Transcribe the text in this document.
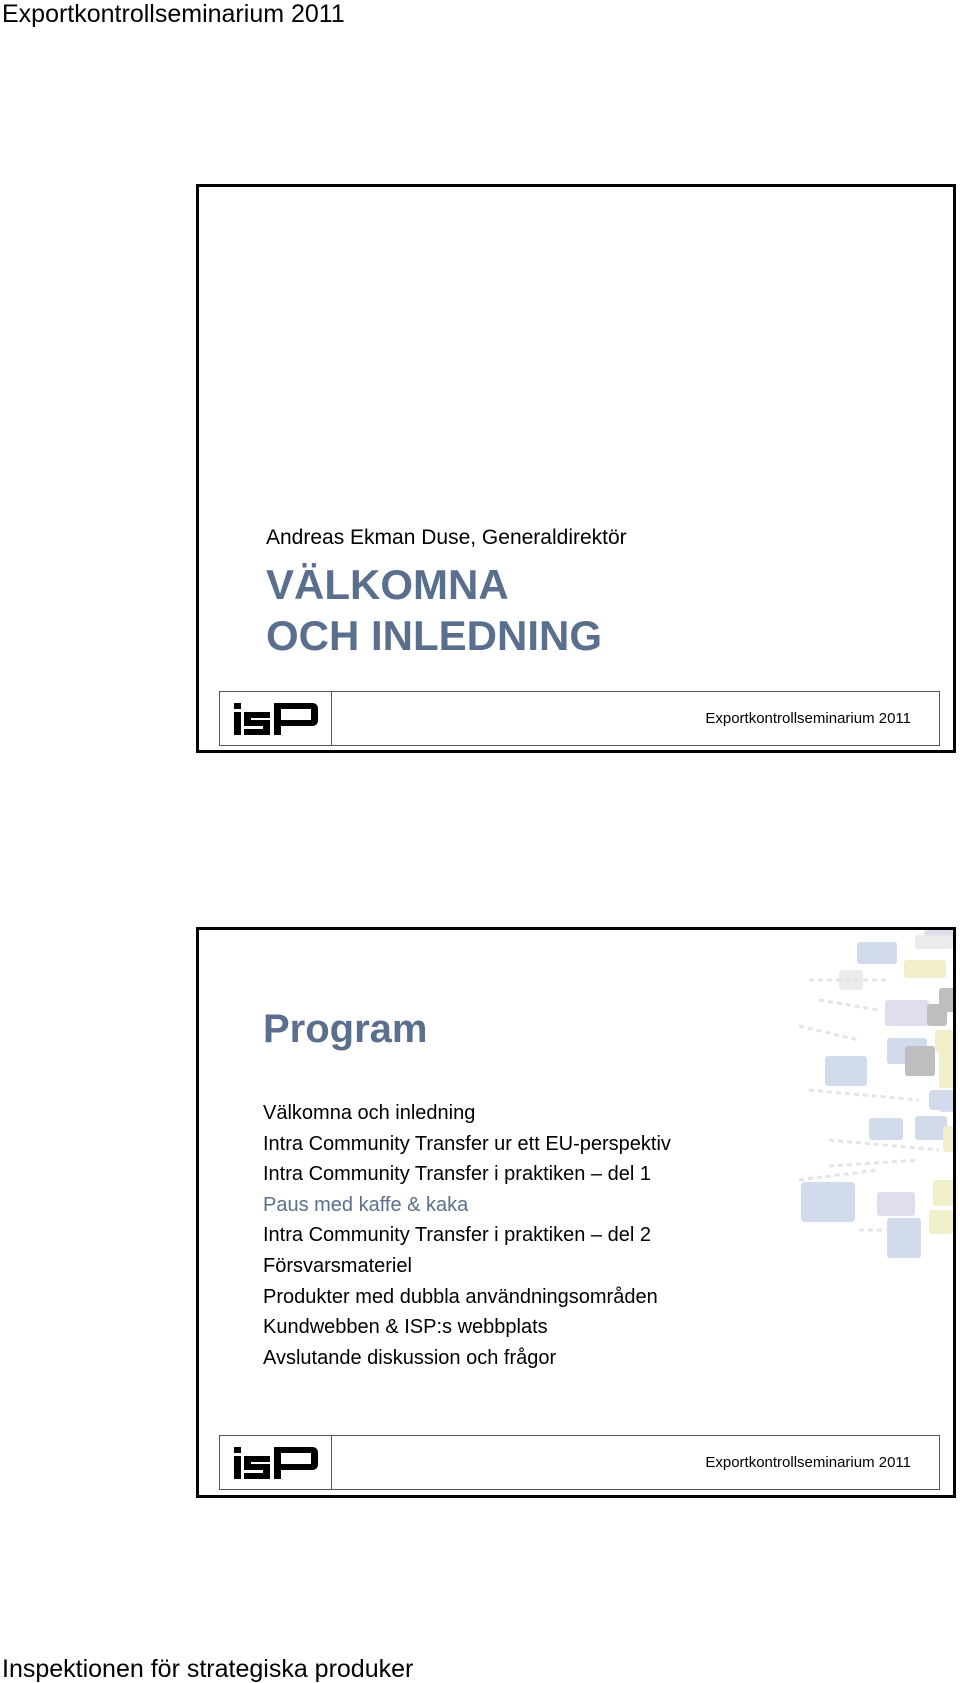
Exportkontrollseminarium 2011
Andreas Ekman Duse, Generaldirektör
VÄLKOMNA
OCH INLEDNING
Exportkontrollseminarium 2011
Program
Välkomna och inledning
Intra Community Transfer ur ett EU-perspektiv
Intra Community Transfer i praktiken – del 1
Paus med kaffe & kaka
Intra Community Transfer i praktiken – del 2
Försvarsmateriel
Produkter med dubbla användningsområden
Kundwebben & ISP:s webbplats
Avslutande diskussion och frågor
Exportkontrollseminarium 2011
Inspektionen för strategiska produker
